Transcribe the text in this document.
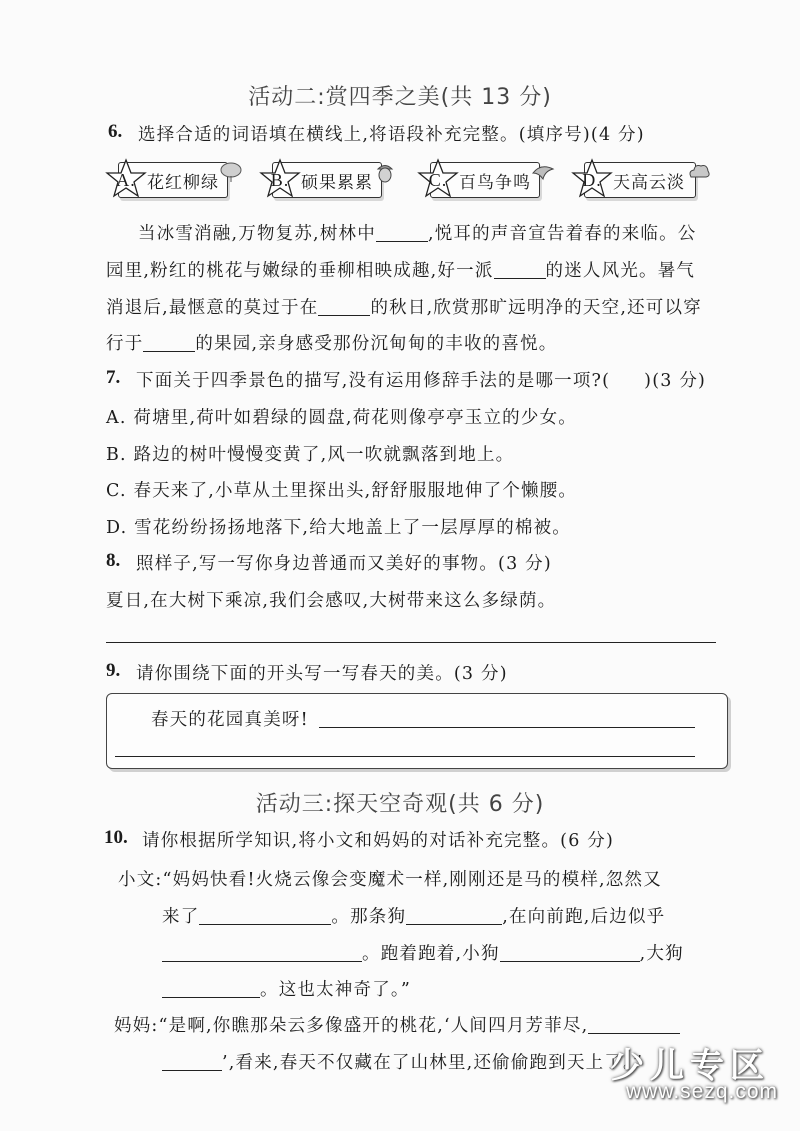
活动二:赏四季之美(共 13 分)
6. 选择合适的词语填在横线上,将语段补充完整。(填序号)(4 分)
A. 花红柳绿	B. 硕果累累	C. 百鸟争鸣	D. 天高云淡
当冰雪消融,万物复苏,树林中	,悦耳的声音宣告着春的来临。公
园里,粉红的桃花与嫩绿的垂柳相映成趣,好一派	的迷人风光。暑气
消退后,最惬意的莫过于在	的秋日,欣赏那旷远明净的天空,还可以穿
行于	的果园,亲身感受那份沉甸甸的丰收的喜悦。
7. 下面关于四季景色的描写,没有运用修辞手法的是哪一项?( )(3 分)
A. 荷塘里,荷叶如碧绿的圆盘,荷花则像亭亭玉立的少女。
B. 路边的树叶慢慢变黄了,风一吹就飘落到地上。
C. 春天来了,小草从土里探出头,舒舒服服地伸了个懒腰。
D. 雪花纷纷扬扬地落下,给大地盖上了一层厚厚的棉被。
8. 照样子,写一写你身边普通而又美好的事物。(3 分)
夏日,在大树下乘凉,我们会感叹,大树带来这么多绿荫。
9. 请你围绕下面的开头写一写春天的美。(3 分)
春天的花园真美呀!
活动三:探天空奇观(共 6 分)
10. 请你根据所学知识,将小文和妈妈的对话补充完整。(6 分)
小文:“妈妈快看!火烧云像会变魔术一样,刚刚还是马的模样,忽然又
来了	。那条狗	,在向前跑,后边似乎
。跑着跑着,小狗	,大狗
。这也太神奇了。”
妈妈:“是啊,你瞧那朵云多像盛开的桃花,‘人间四月芳菲尽,
’,看来,春天不仅藏在了山林里,还偷偷跑到天上了。”
少儿专区
www.sezq.com
